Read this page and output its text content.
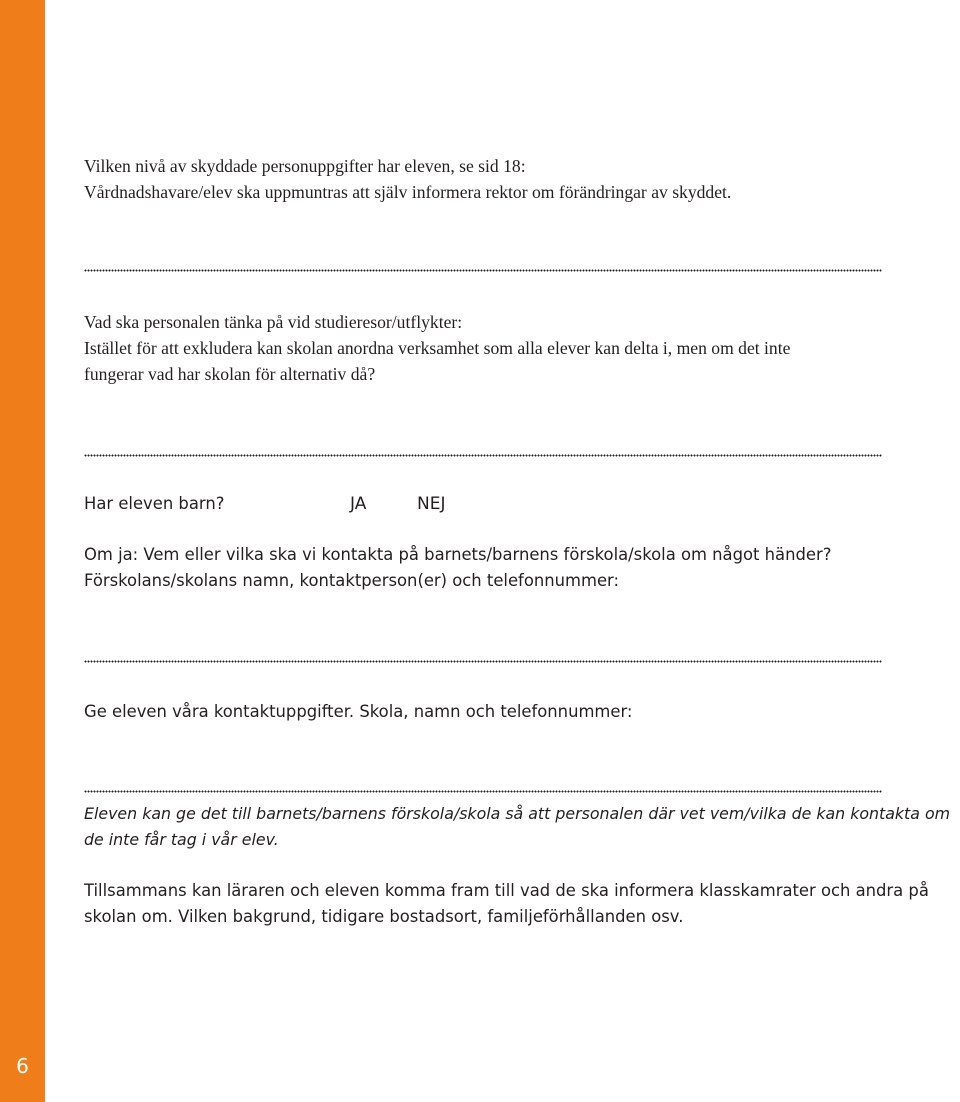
6

Vilken nivå av skyddade personuppgifter har eleven, se sid 18:

Vårdnadshavare/elev ska uppmuntras att själv informera rektor om förändringar av skyddet.

Vad ska personalen tänka på vid studieresor/utflykter:

Istället för att exkludera kan skolan anordna verksamhet som alla elever kan delta i, men om det inte

fungerar vad har skolan för alternativ då?

Har eleven barn?	JA	NEJ

Om ja: Vem eller vilka ska vi kontakta på barnets/barnens förskola/skola om något händer?

Förskolans/skolans namn, kontaktperson(er) och telefonnummer:

Ge eleven våra kontaktuppgifter. Skola, namn och telefonnummer:

Eleven kan ge det till barnets/barnens förskola/skola så att personalen där vet vem/vilka de kan kontakta om

de inte får tag i vår elev.

Tillsammans kan läraren och eleven komma fram till vad de ska informera klasskamrater och andra på

skolan om. Vilken bakgrund, tidigare bostadsort, familjeförhållanden osv.
